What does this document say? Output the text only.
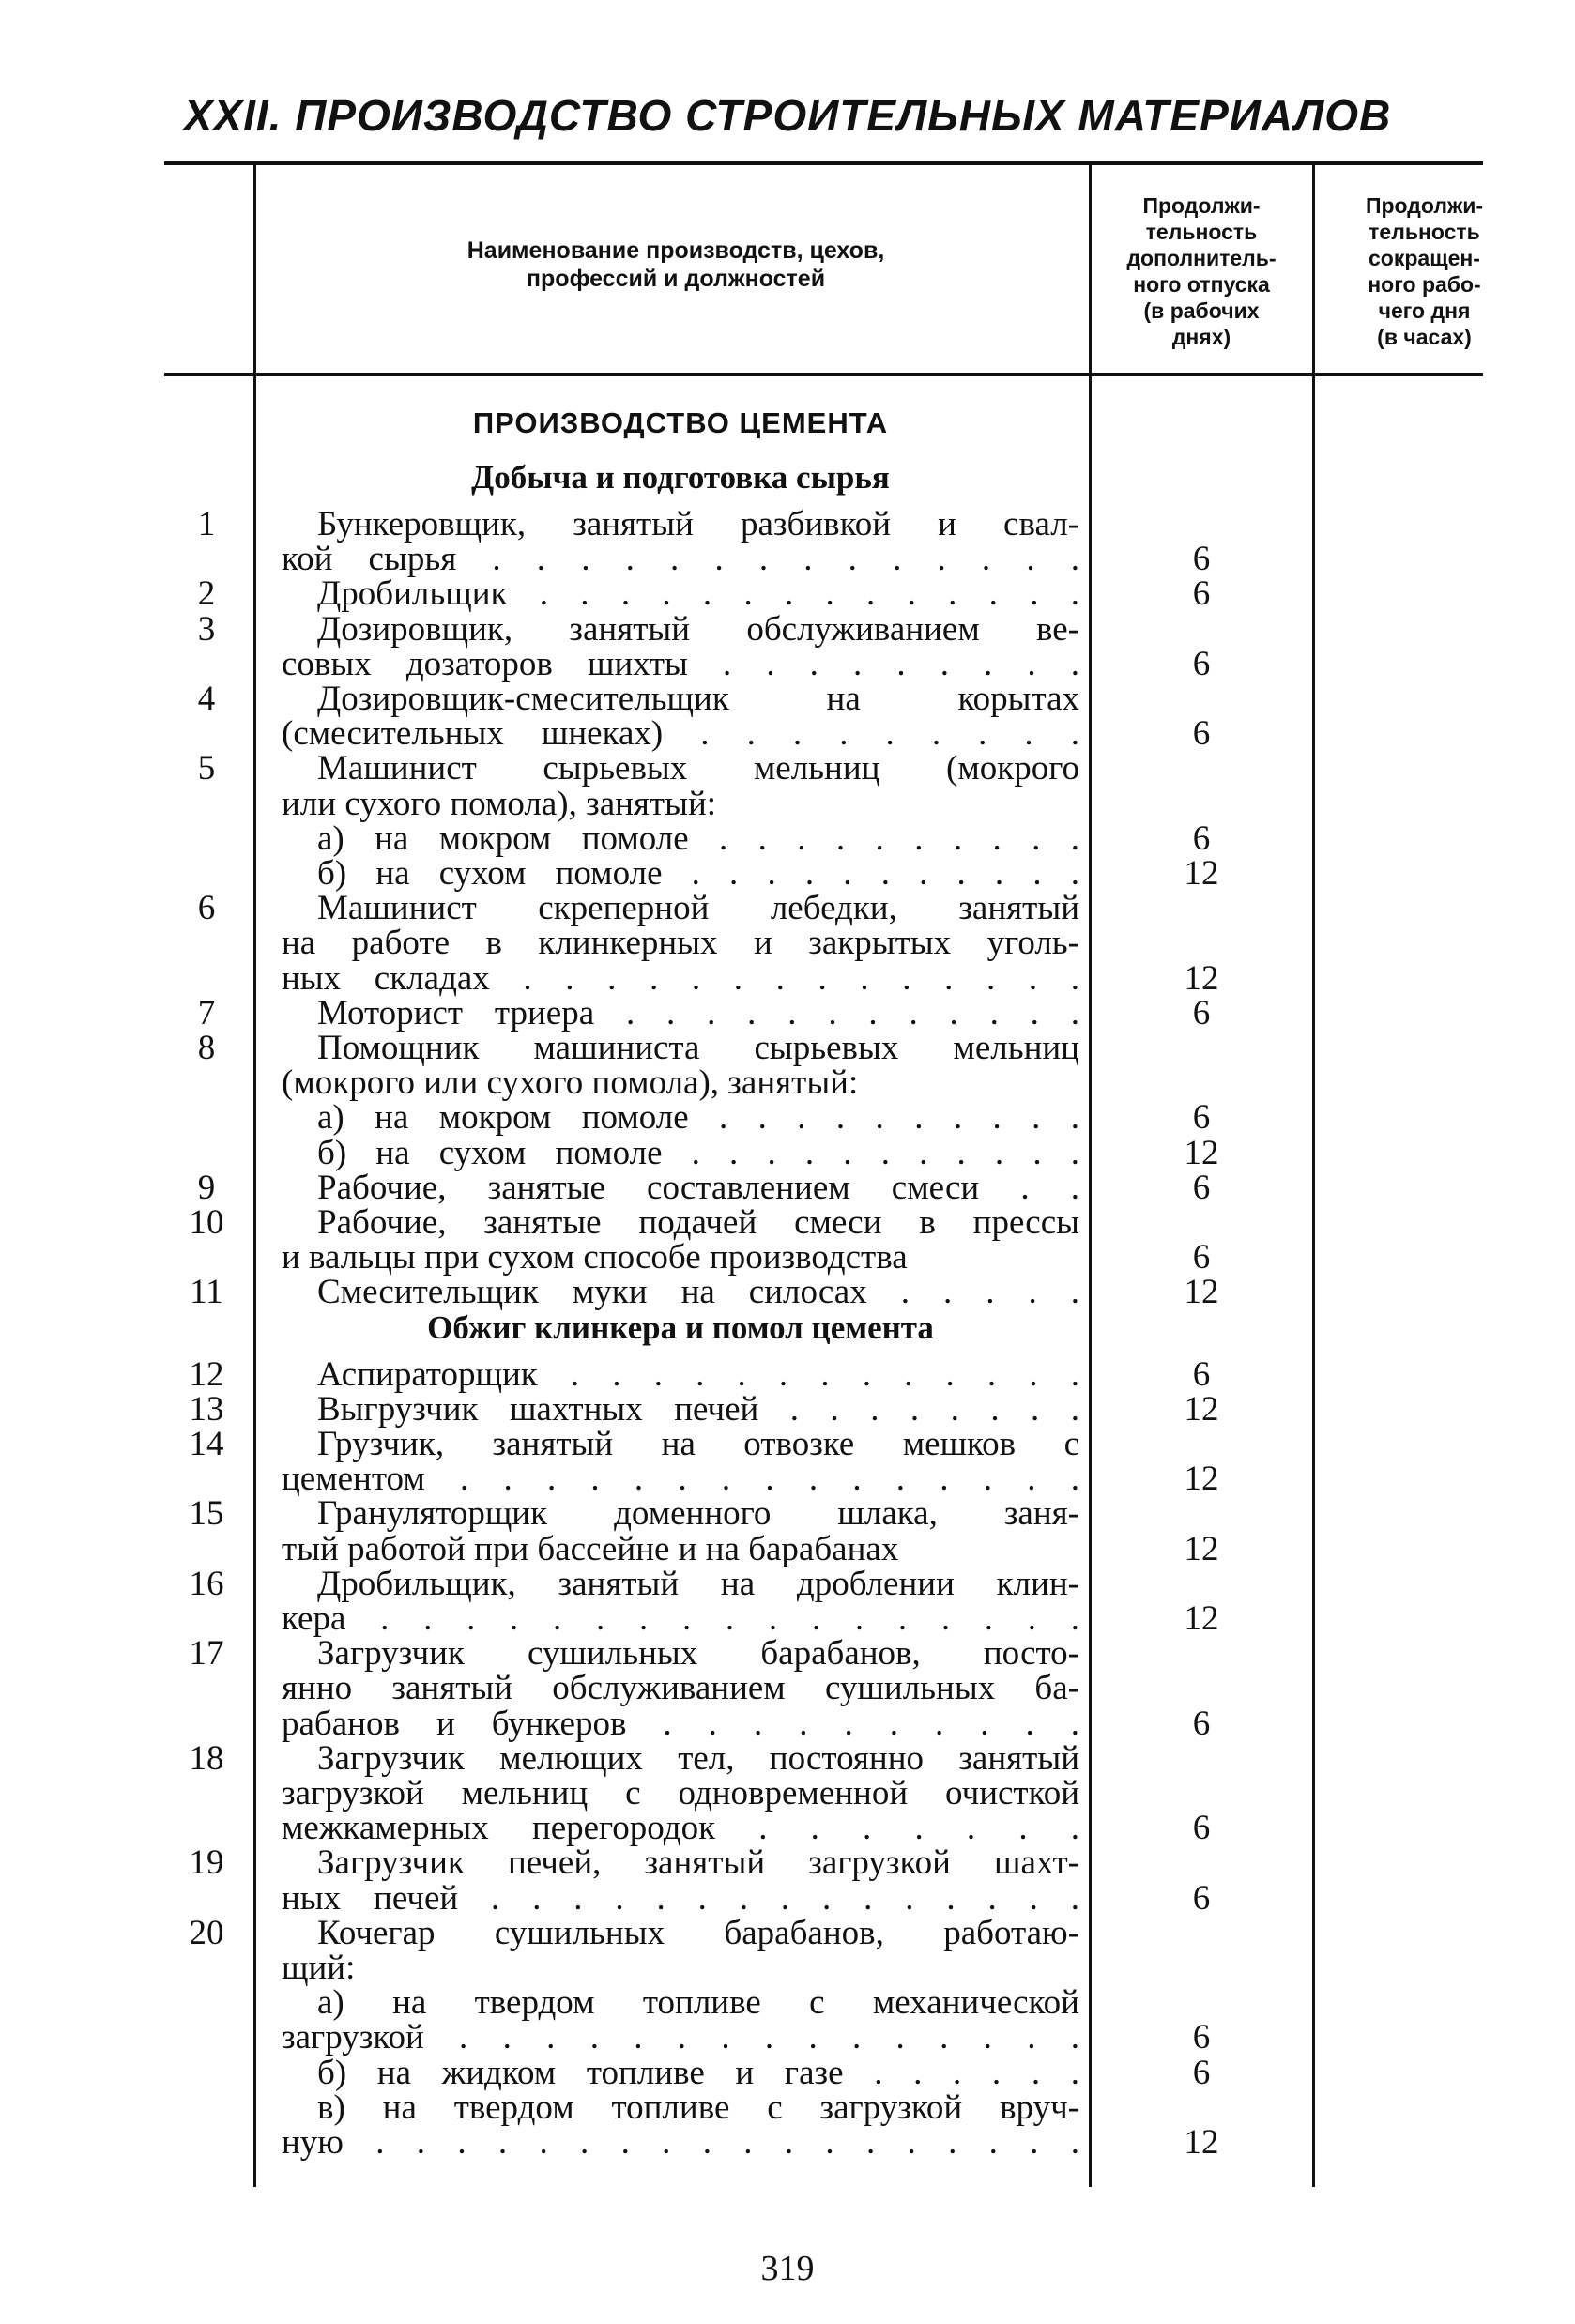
XXII. ПРОИЗВОДСТВО СТРОИТЕЛЬНЫХ МАТЕРИАЛОВ
Наименование производств, цехов,
профессий и должностей
Продолжи-
тельность
дополнитель-
ного отпуска
(в рабочих
днях)
Продолжи-
тельность
сокращен-
ного рабо-
чего дня
(в часах)
ПРОИЗВОДСТВО ЦЕМЕНТА
Добыча и подготовка сырья
1	Бункеровщик, занятый разбивкой и свал-
кой сырья . . . . . . . . . . . . . .	6
2	Дробильщик . . . . . . . . . . . . . .	6
3	Дозировщик, занятый обслуживанием ве-
совых дозаторов шихты . . . . . . . . .	6
4	Дозировщик-смесительщик на корытах
(смесительных шнеках) . . . . . . . . .	6
5	Машинист сырьевых мельниц (мокрого
или сухого помола), занятый:
а) на мокром помоле . . . . . . . . . .	6
б) на сухом помоле . . . . . . . . . . .	12
6	Машинист скреперной лебедки, занятый
на работе в клинкерных и закрытых уголь-
ных складах . . . . . . . . . . . . . .	12
7	Моторист триера . . . . . . . . . . . .	6
8	Помощник машиниста сырьевых мельниц
(мокрого или сухого помола), занятый:
а) на мокром помоле . . . . . . . . . .	6
б) на сухом помоле . . . . . . . . . . .	12
9	Рабочие, занятые составлением смеси . .	6
10	Рабочие, занятые подачей смеси в прессы
и вальцы при сухом способе производства	6
11	Смесительщик муки на силосах . . . . .	12
Обжиг клинкера и помол цемента
12	Аспираторщик . . . . . . . . . . . . .	6
13	Выгрузчик шахтных печей . . . . . . . .	12
14	Грузчик, занятый на отвозке мешков с
цементом . . . . . . . . . . . . . . .	12
15	Грануляторщик доменного шлака, заня-
тый работой при бассейне и на барабанах	12
16	Дробильщик, занятый на дроблении клин-
кера . . . . . . . . . . . . . . . . .	12
17	Загрузчик сушильных барабанов, посто-
янно занятый обслуживанием сушильных ба-
рабанов и бункеров . . . . . . . . . .	6
18	Загрузчик мелющих тел, постоянно занятый
загрузкой мельниц с одновременной очисткой
межкамерных перегородок . . . . . . .	6
19	Загрузчик печей, занятый загрузкой шахт-
ных печей . . . . . . . . . . . . . . .	6
20	Кочегар сушильных барабанов, работаю-
щий:
а) на твердом топливе с механической
загрузкой . . . . . . . . . . . . . . .	6
б) на жидком топливе и газе . . . . . .	6
в) на твердом топливе с загрузкой вруч-
ную . . . . . . . . . . . . . . . . . .	12
319
